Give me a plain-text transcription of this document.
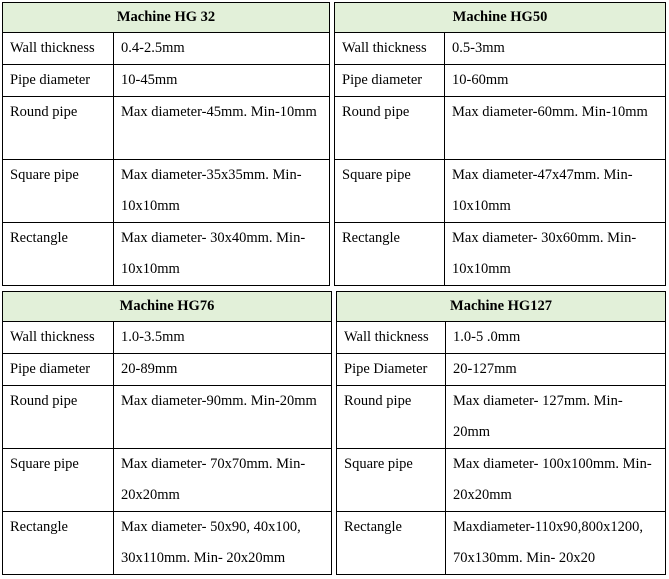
Machine HG 32	
Wall thickness	0.4-2.5mm
Pipe diameter	10-45mm
Round pipe	Max diameter-45mm. Min-10mm
Square pipe	Max diameter-35x35mm. Min-10x10mm
Rectangle	Max diameter- 30x40mm. Min-10x10mm
Machine HG50	
Wall thickness	0.5-3mm
Pipe diameter	10-60mm
Round pipe	Max diameter-60mm. Min-10mm
Square pipe	Max diameter-47x47mm. Min-10x10mm
Rectangle	Max diameter- 30x60mm. Min-10x10mm
Machine HG76	
Wall thickness	1.0-3.5mm
Pipe diameter	20-89mm
Round pipe	Max diameter-90mm. Min-20mm
Square pipe	Max diameter- 70x70mm. Min- 20x20mm
Rectangle	Max diameter- 50x90, 40x100, 30x110mm. Min- 20x20mm
Machine HG127	
Wall thickness	1.0-5 .0mm
Pipe Diameter	20-127mm
Round pipe	Max diameter- 127mm. Min-20mm
Square pipe	Max diameter- 100x100mm. Min- 20x20mm
Rectangle	Maxdiameter-110x90,800x1200, 70x130mm. Min- 20x20
